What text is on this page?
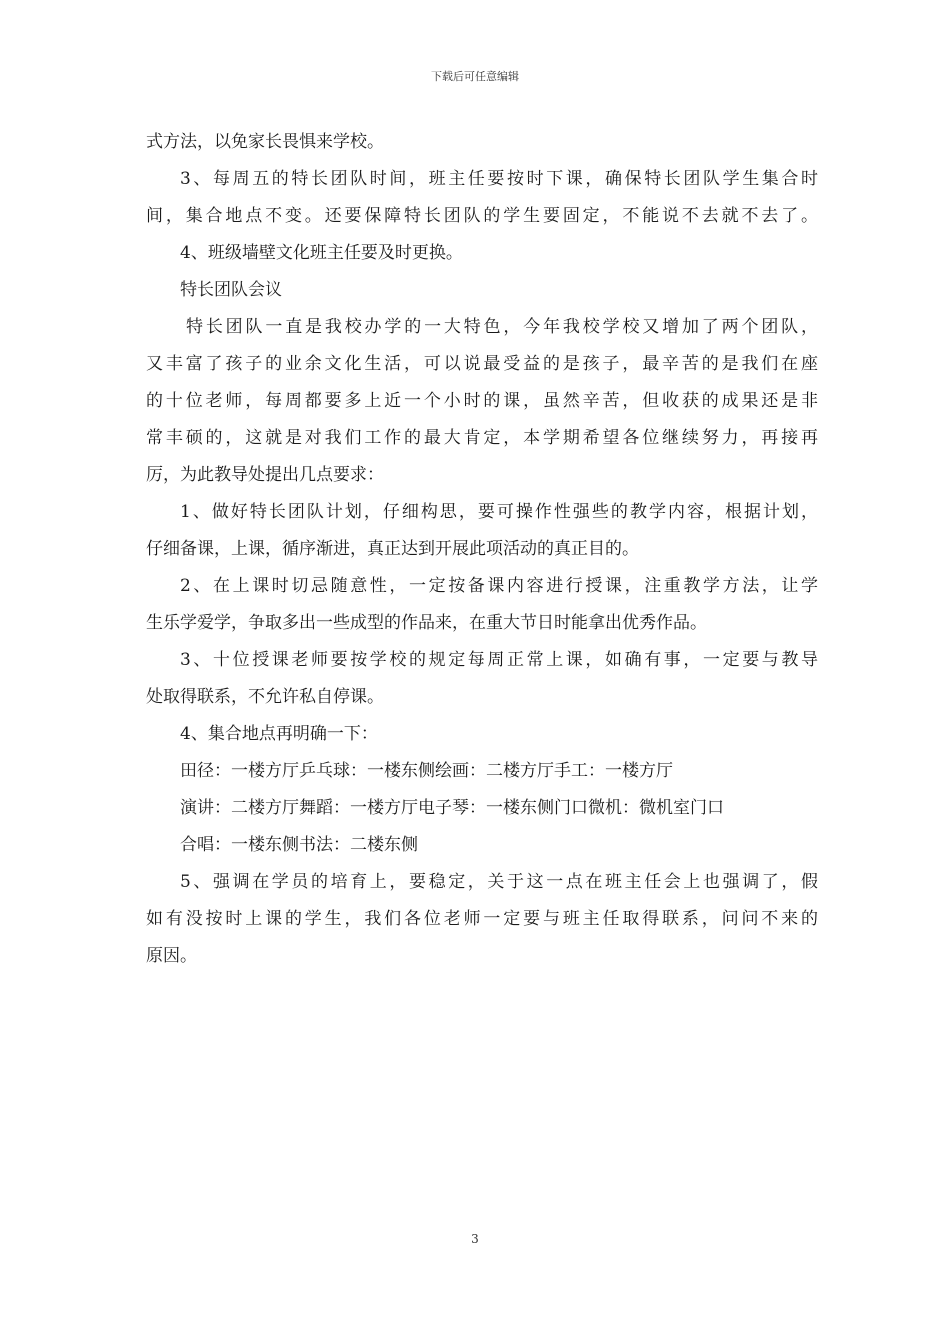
下载后可任意编辑
式方法，以免家长畏惧来学校。
3、每周五的特长团队时间，班主任要按时下课，确保特长团队学生集合时
间，集合地点不变。还要保障特长团队的学生要固定，不能说不去就不去了。
4、班级墙壁文化班主任要及时更换。
特长团队会议
特长团队一直是我校办学的一大特色，今年我校学校又增加了两个团队，
又丰富了孩子的业余文化生活，可以说最受益的是孩子，最辛苦的是我们在座
的十位老师，每周都要多上近一个小时的课，虽然辛苦，但收获的成果还是非
常丰硕的，这就是对我们工作的最大肯定，本学期希望各位继续努力，再接再
厉，为此教导处提出几点要求：
1、做好特长团队计划，仔细构思，要可操作性强些的教学内容，根据计划，
仔细备课，上课，循序渐进，真正达到开展此项活动的真正目的。
2、在上课时切忌随意性，一定按备课内容进行授课，注重教学方法，让学
生乐学爱学，争取多出一些成型的作品来，在重大节日时能拿出优秀作品。
3、十位授课老师要按学校的规定每周正常上课，如确有事，一定要与教导
处取得联系，不允许私自停课。
4、集合地点再明确一下：
田径：一楼方厅乒乓球：一楼东侧绘画：二楼方厅手工：一楼方厅
演讲：二楼方厅舞蹈：一楼方厅电子琴：一楼东侧门口微机：微机室门口
合唱：一楼东侧书法：二楼东侧
5、强调在学员的培育上，要稳定，关于这一点在班主任会上也强调了，假
如有没按时上课的学生，我们各位老师一定要与班主任取得联系，问问不来的
原因。
3
